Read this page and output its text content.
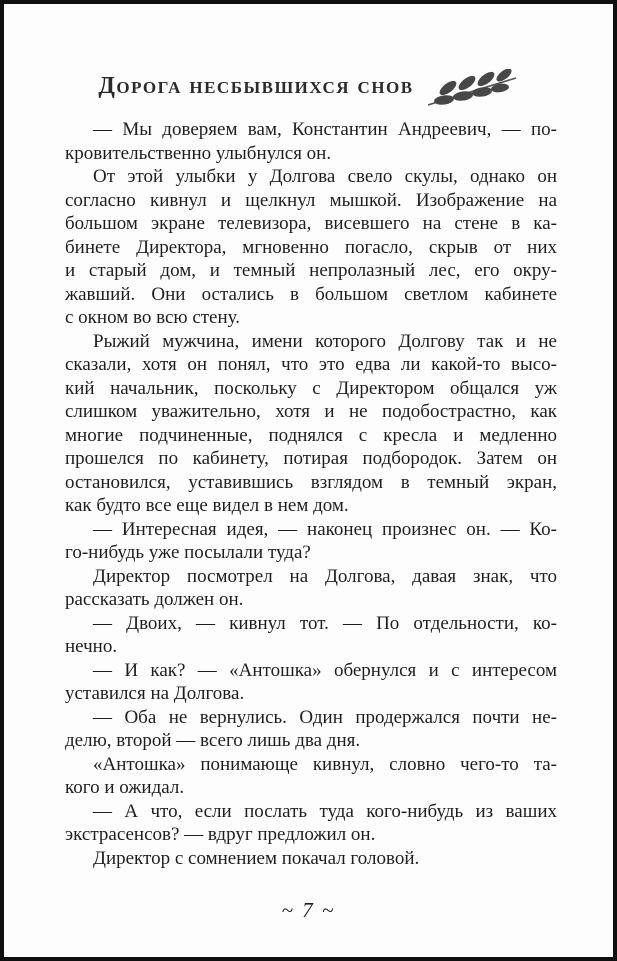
Дорога несбывшихся снов
— Мы доверяем вам, Константин Андреевич, — по-
кровительственно улыбнулся он.
От этой улыбки у Долгова свело скулы, однако он
согласно кивнул и щелкнул мышкой. Изображение на
большом экране телевизора, висевшего на стене в ка-
бинете Директора, мгновенно погасло, скрыв от них
и старый дом, и темный непролазный лес, его окру-
жавший. Они остались в большом светлом кабинете
с окном во всю стену.
Рыжий мужчина, имени которого Долгову так и не
сказали, хотя он понял, что это едва ли какой-то высо-
кий начальник, поскольку с Директором общался уж
слишком уважительно, хотя и не подобострастно, как
многие подчиненные, поднялся с кресла и медленно
прошелся по кабинету, потирая подбородок. Затем он
остановился, уставившись взглядом в темный экран,
как будто все еще видел в нем дом.
— Интересная идея, — наконец произнес он. — Ко-
го-нибудь уже посылали туда?
Директор посмотрел на Долгова, давая знак, что
рассказать должен он.
— Двоих, — кивнул тот. — По отдельности, ко-
нечно.
— И как? — «Антошка» обернулся и с интересом
уставился на Долгова.
— Оба не вернулись. Один продержался почти не-
делю, второй — всего лишь два дня.
«Антошка» понимающе кивнул, словно чего-то та-
кого и ожидал.
— А что, если послать туда кого-нибудь из ваших
экстрасенсов? — вдруг предложил он.
Директор с сомнением покачал головой.
~ 7 ~
